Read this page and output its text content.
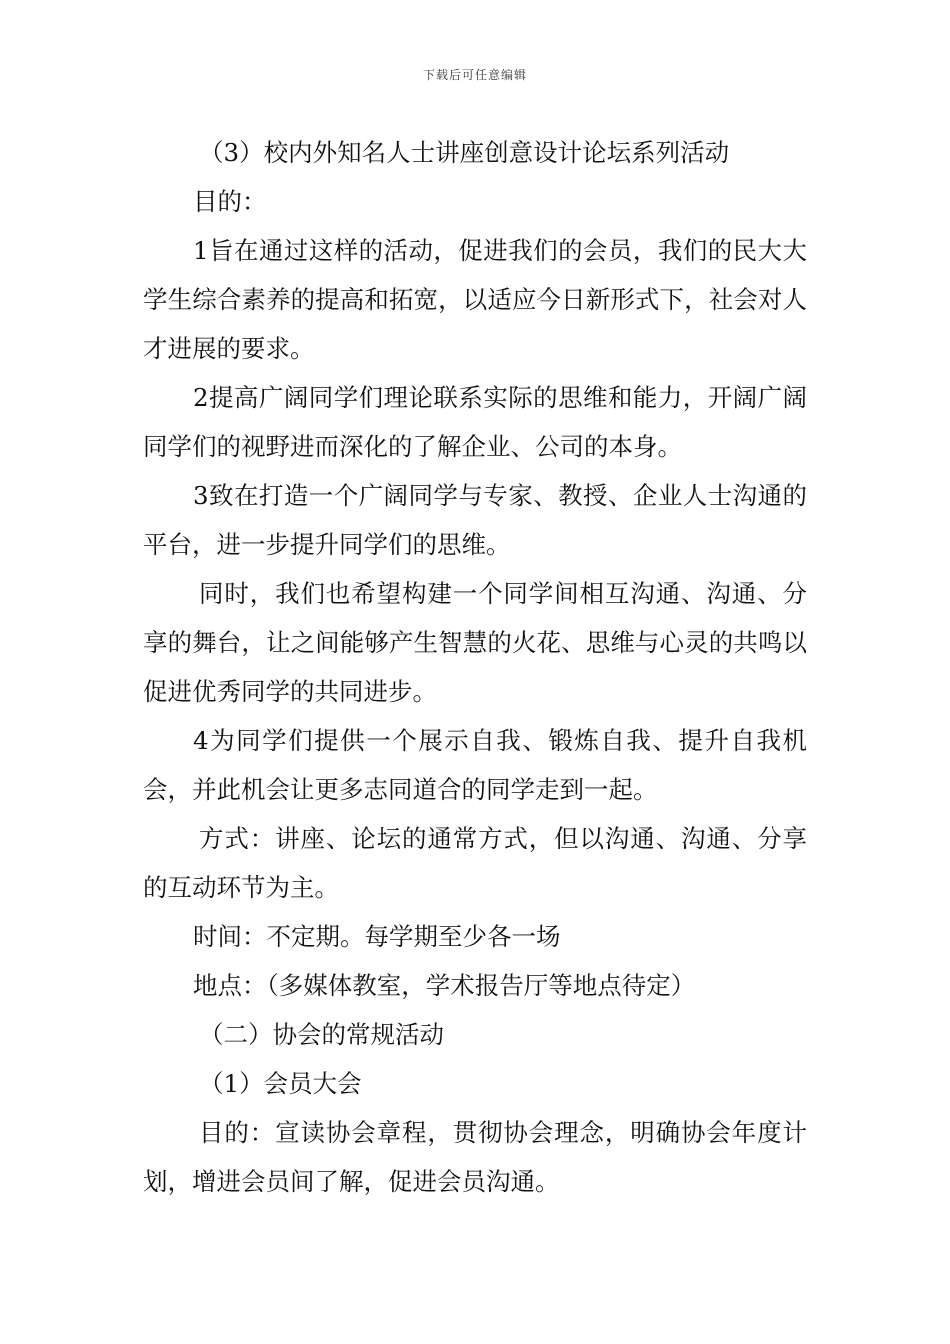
下载后可任意编辑

（3）校内外知名人士讲座创意设计论坛系列活动

目的：

1旨在通过这样的活动，促进我们的会员，我们的民大大学生综合素养的提高和拓宽，以适应今日新形式下，社会对人才进展的要求。

2提高广阔同学们理论联系实际的思维和能力，开阔广阔同学们的视野进而深化的了解企业、公司的本身。

3致在打造一个广阔同学与专家、教授、企业人士沟通的平台，进一步提升同学们的思维。

同时，我们也希望构建一个同学间相互沟通、沟通、分享的舞台，让之间能够产生智慧的火花、思维与心灵的共鸣以促进优秀同学的共同进步。

4为同学们提供一个展示自我、锻炼自我、提升自我机会，并此机会让更多志同道合的同学走到一起。

方式：讲座、论坛的通常方式，但以沟通、沟通、分享的互动环节为主。

时间：不定期。每学期至少各一场

地点：（多媒体教室，学术报告厅等地点待定）

（二）协会的常规活动

（1）会员大会

目的：宣读协会章程，贯彻协会理念，明确协会年度计划，增进会员间了解，促进会员沟通。
